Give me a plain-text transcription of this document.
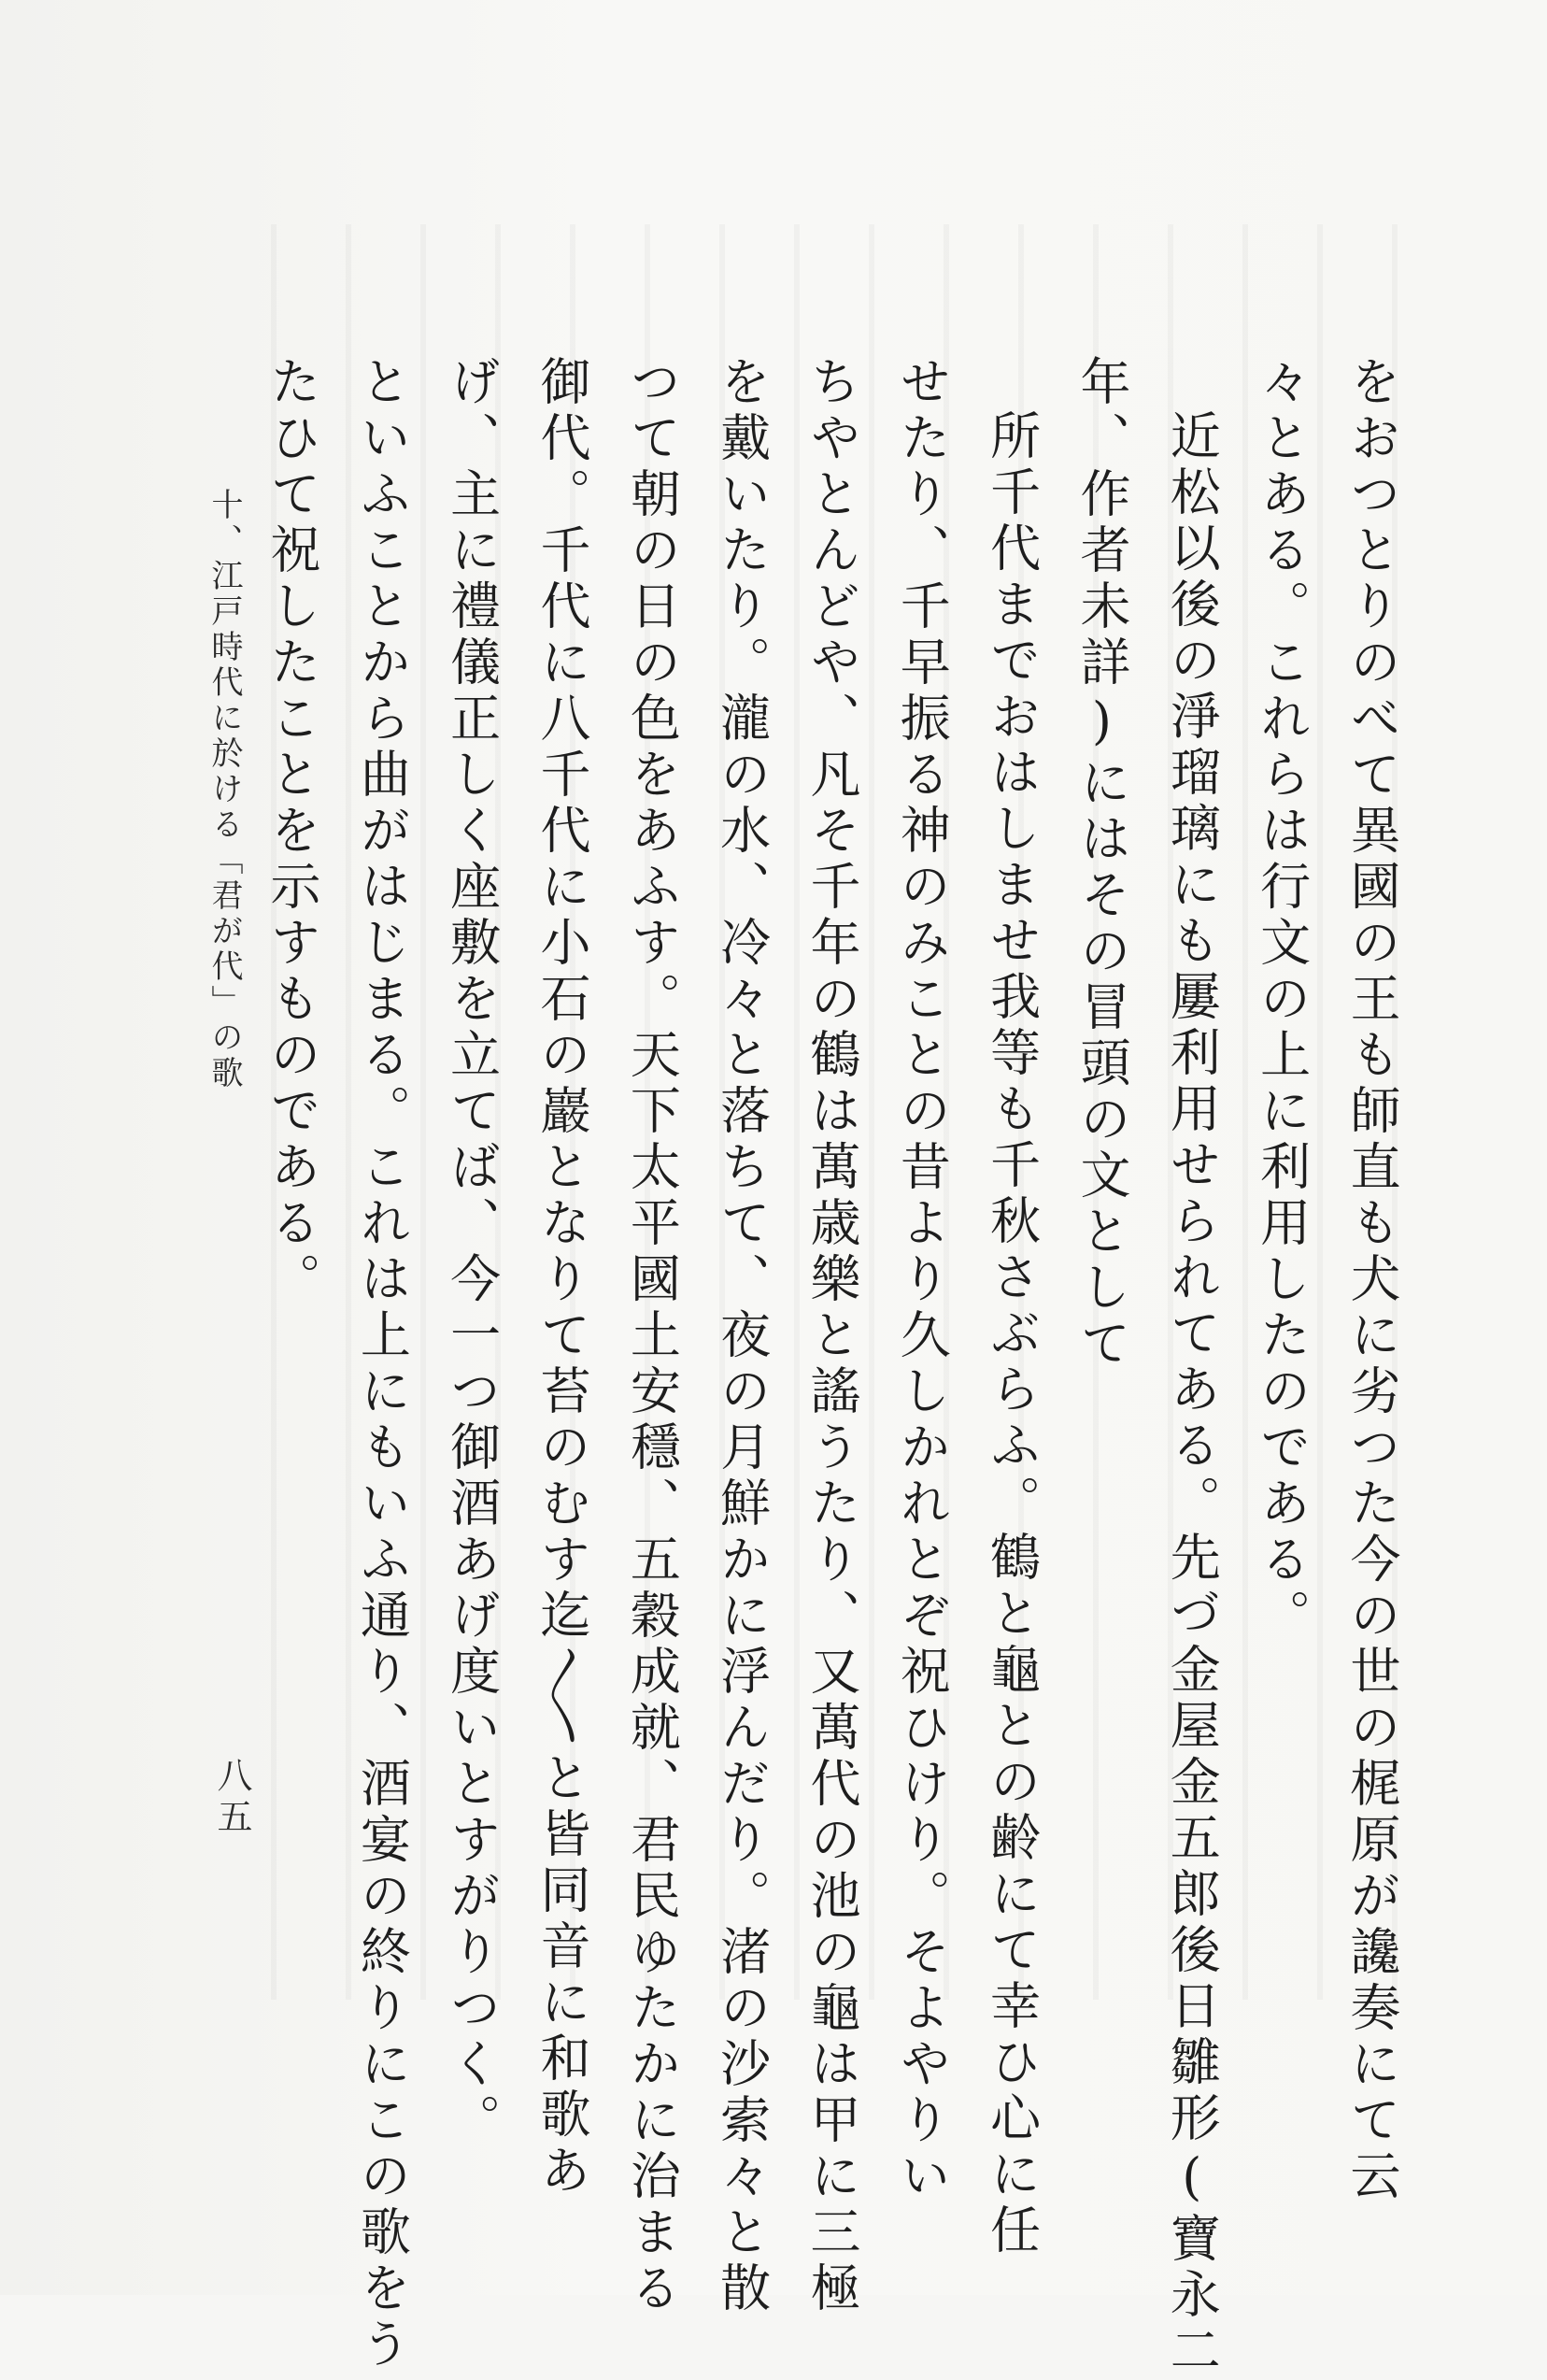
をおつとりのべて異國の王も師直も犬に劣つた今の世の梶原が讒奏にて云
々とある。これらは行文の上に利用したのである。
近松以後の淨瑠璃にも屢利用せられてある。先づ金屋金五郎後日雛形(寶永二
年、作者未詳)にはその冒頭の文として
所千代までおはしませ我等も千秋さぶらふ。鶴と龜との齢にて幸ひ心に任
せたり、千早振る神のみことの昔より久しかれとぞ祝ひけり。そよやりい
ちやとんどや、凡そ千年の鶴は萬歳樂と謠うたり、又萬代の池の龜は甲に三極
を戴いたり。瀧の水、冷々と落ちて、夜の月鮮かに浮んだり。渚の沙索々と散
つて朝の日の色をあふす。天下太平國土安穩、五穀成就、君民ゆたかに治まる
御代。千代に八千代に小石の巖となりて苔のむす迄〳〵と皆同音に和歌あ
げ、主に禮儀正しく座敷を立てば、今一つ御酒あげ度いとすがりつく。
といふことから曲がはじまる。これは上にもいふ通り、酒宴の終りにこの歌をう
たひて祝したことを示すものである。
十、江戸時代に於ける「君が代」の歌
八五
